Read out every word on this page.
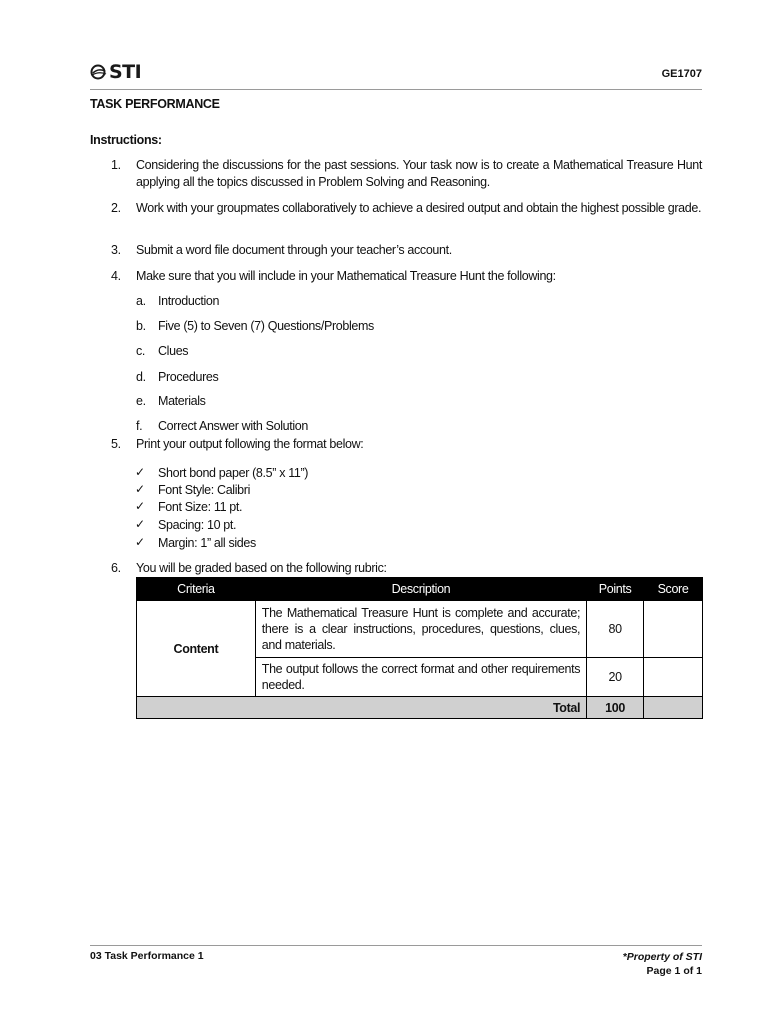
STI	GE1707
TASK PERFORMANCE
Instructions:
1.	Considering the discussions for the past sessions. Your task now is to create a Mathematical Treasure Hunt applying all the topics discussed in Problem Solving and Reasoning.
2.	Work with your groupmates collaboratively to achieve a desired output and obtain the highest possible grade.
3.	Submit a word file document through your teacher’s account.
4.	Make sure that you will include in your Mathematical Treasure Hunt the following:
a. Introduction
b. Five (5) to Seven (7) Questions/Problems
c. Clues
d. Procedures
e. Materials
f. Correct Answer with Solution
5.	Print your output following the format below:
✓ Short bond paper (8.5” x 11”)
✓ Font Style: Calibri
✓ Font Size: 11 pt.
✓ Spacing: 10 pt.
✓ Margin: 1” all sides
6.	You will be graded based on the following rubric:
Criteria	Description	Points	Score
Content	The Mathematical Treasure Hunt is complete and accurate; there is a clear instructions, procedures, questions, clues, and materials.	80	
	The output follows the correct format and other requirements needed.	20	
Total		100	
03 Task Performance 1	*Property of STI
Page 1 of 1
